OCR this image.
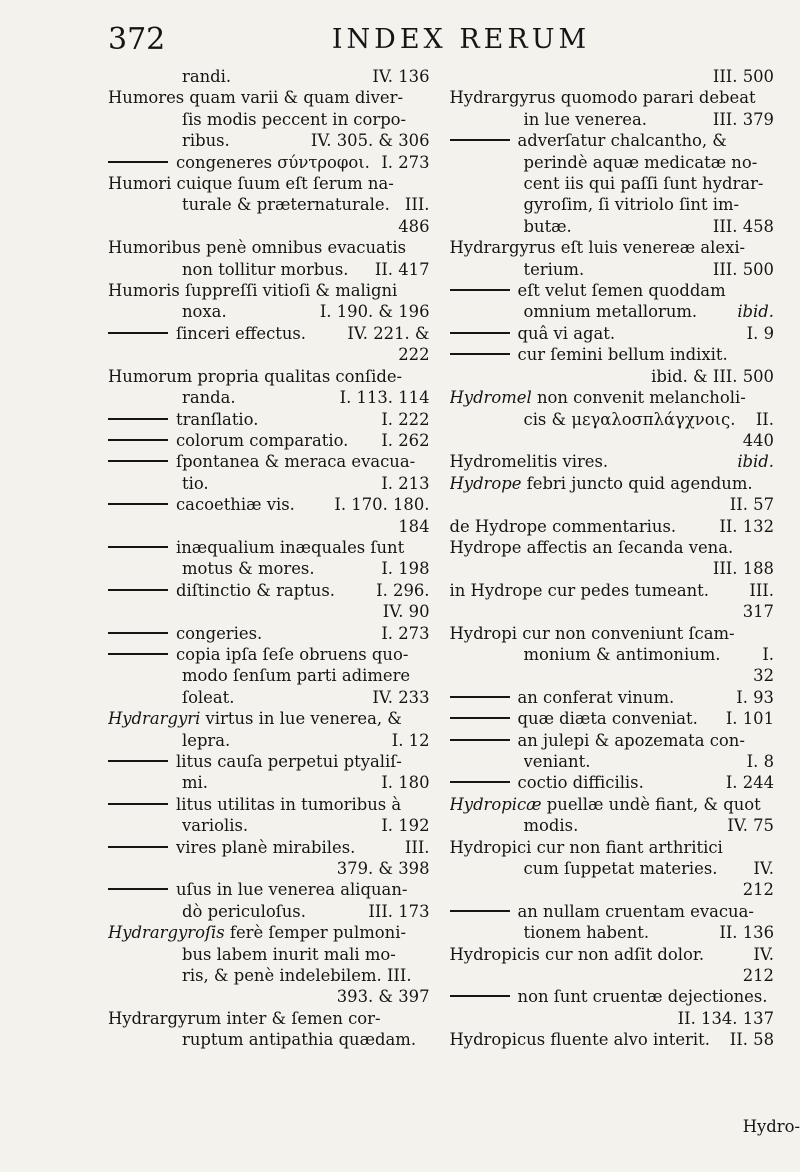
372	INDEX RERUM
randi.	IV. 136
Humores quam varii & quam diver-
ſis modis peccent in corpo-
ribus.	IV. 305. & 306
congeneres σύντροφοι. I. 273
Humori cuique ſuum eſt ſerum na-
turale & præternaturale. III.
486
Humoribus penè omnibus evacuatis
non tollitur morbus.	II. 417
Humoris ſuppreſſi vitioſi & maligni
noxa.	I. 190. & 196
ſinceri effectus.	IV. 221. &
222
Humorum propria qualitas conſide-
randa.	I. 113. 114
tranſlatio.	I. 222
colorum comparatio.	I. 262
ſpontanea & meraca evacua-
tio.	I. 213
cacoethiæ vis.	I. 170. 180.
184
inæqualium inæquales ſunt
motus & mores.	I. 198
diſtinctio & raptus.	I. 296.
IV. 90
congeries.	I. 273
copia ipſa ſeſe obruens quo-
modo ſenſum parti adimere
ſoleat.	IV. 233
Hydrargyri virtus in lue venerea, &
lepra.	I. 12
litus cauſa perpetui ptyaliſ-
mi.	I. 180
litus utilitas in tumoribus à
variolis.	I. 192
vires planè mirabiles.	III.
379. & 398
uſus in lue venerea aliquan-
dò periculoſus.	III. 173
Hydrargyroſis ferè ſemper pulmoni-
bus labem inurit mali mo-
ris, & penè indelebilem. III.
393. & 397
Hydrargyrum inter & ſemen cor-
ruptum antipathia quædam.
III. 500
Hydrargyrus quomodo parari debeat
in lue venerea.	III. 379
adverſatur chalcantho, &
perindè aquæ medicatæ no-
cent iis qui paſſi ſunt hydrar-
gyroſim, ſi vitriolo ſint im-
butæ.	III. 458
Hydrargyrus eſt luis venereæ alexi-
terium.	III. 500
eſt velut ſemen quoddam
omnium metallorum.	ibid.
quâ vi agat.	I. 9
cur ſemini bellum indixit.
ibid. & III. 500
Hydromel non convenit melancholi-
cis & μεγαλοσπλάγχνοις.	II.
440
Hydromelitis vires.	ibid.
Hydrope febri juncto quid agendum.
II. 57
de Hydrope commentarius.	II. 132
Hydrope affectis an ſecanda vena.
III. 188
in Hydrope cur pedes tumeant.	III.
317
Hydropi cur non conveniunt ſcam-
monium & antimonium.	I.
32
an conferat vinum.	I. 93
quæ diæta conveniat.	I. 101
an julepi & apozemata con-
veniant.	I. 8
coctio difficilis.	I. 244
Hydropicæ puellæ undè fiant, & quot
modis.	IV. 75
Hydropici cur non fiant arthritici
cum ſuppetat materies.	IV.
212
an nullam cruentam evacua-
tionem habent.	II. 136
Hydropicis cur non adſit dolor.	IV.
212
non ſunt cruentæ dejectiones.
II. 134. 137
Hydropicus fluente alvo interit.	II. 58
Hydro-
